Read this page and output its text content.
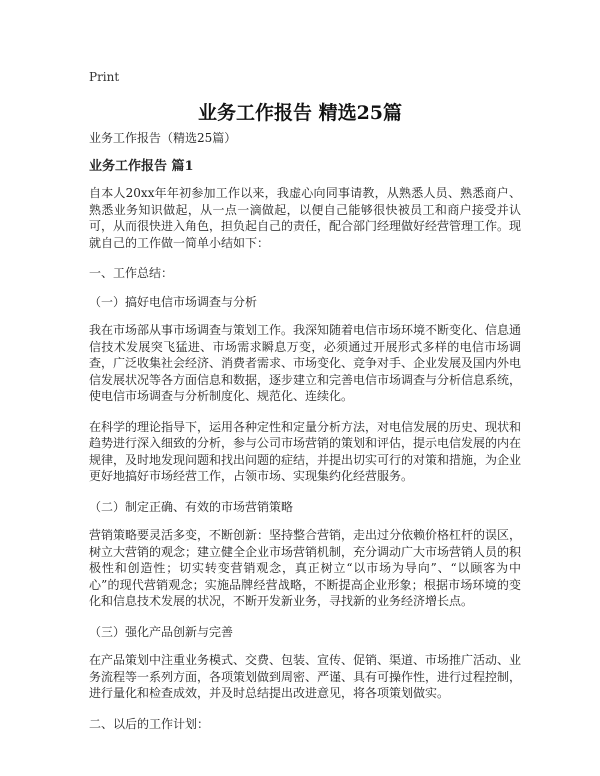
Print
业务工作报告 精选25篇

业务工作报告（精选25篇）

业务工作报告 篇1

自本人20xx年年初参加工作以来，我虚心向同事请教，从熟悉人员、熟悉商户、熟悉业务知识做起，从一点一滴做起，以便自己能够很快被员工和商户接受并认可，从而很快进入角色，担负起自己的责任，配合部门经理做好经营管理工作。现就自己的工作做一简单小结如下：

一、工作总结：

（一）搞好电信市场调查与分析

我在市场部从事市场调查与策划工作。我深知随着电信市场环境不断变化、信息通信技术发展突飞猛进、市场需求瞬息万变，必须通过开展形式多样的电信市场调查，广泛收集社会经济、消费者需求、市场变化、竞争对手、企业发展及国内外电信发展状况等各方面信息和数据，逐步建立和完善电信市场调查与分析信息系统，使电信市场调查与分析制度化、规范化、连续化。

在科学的理论指导下，运用各种定性和定量分析方法，对电信发展的历史、现状和趋势进行深入细致的分析，参与公司市场营销的策划和评估，提示电信发展的内在规律，及时地发现问题和找出问题的症结，并提出切实可行的对策和措施，为企业更好地搞好市场经营工作，占领市场、实现集约化经营服务。

（二）制定正确、有效的市场营销策略

营销策略要灵活多变，不断创新：坚持整合营销，走出过分依赖价格杠杆的误区，树立大营销的观念；建立健全企业市场营销机制，充分调动广大市场营销人员的积极性和创造性；切实转变营销观念，真正树立“以市场为导向”、“以顾客为中心”的现代营销观念；实施品牌经营战略，不断提高企业形象；根据市场环境的变化和信息技术发展的状况，不断开发新业务，寻找新的业务经济增长点。

（三）强化产品创新与完善

在产品策划中注重业务模式、交费、包装、宣传、促销、渠道、市场推广活动、业务流程等一系列方面，各项策划做到周密、严谨、具有可操作性，进行过程控制，进行量化和检查成效，并及时总结提出改进意见，将各项策划做实。

二、以后的工作计划：
